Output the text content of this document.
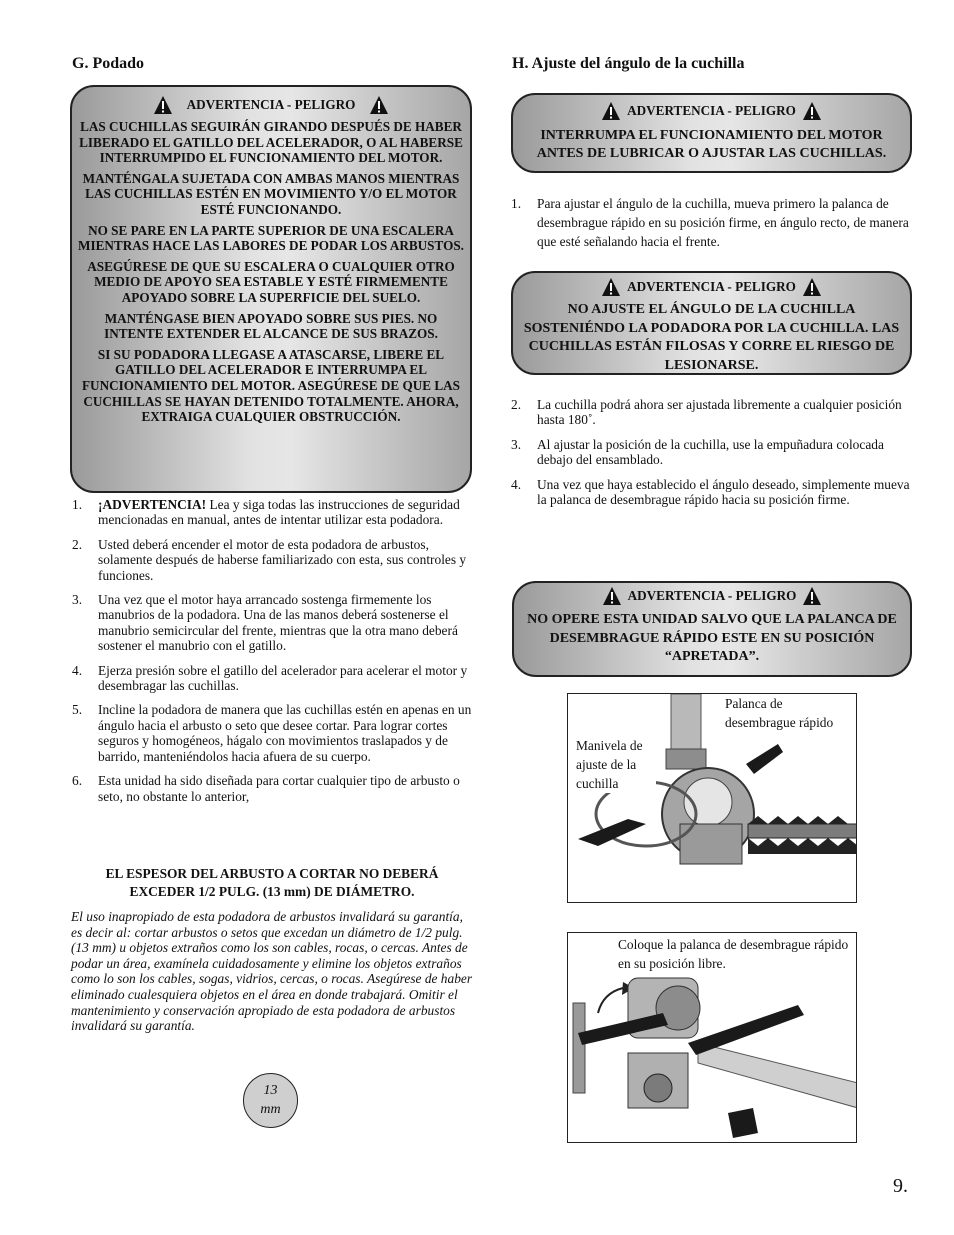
G. Podado
ADVERTENCIA - PELIGRO

LAS CUCHILLAS SEGUIRÁN GIRANDO DESPUÉS DE HABER LIBERADO EL GATILLO DEL ACELERADOR, O AL HABERSE INTERRUMPIDO EL FUNCIONAMIENTO DEL MOTOR.

MANTÉNGALA SUJETADA CON AMBAS MANOS MIENTRAS LAS CUCHILLAS ESTÉN EN MOVIMIENTO Y/O EL MOTOR ESTÉ FUNCIONANDO.

NO SE PARE EN LA PARTE SUPERIOR DE UNA ESCALERA MIENTRAS HACE LAS LABORES DE PODAR LOS ARBUSTOS.

ASEGÚRESE DE QUE SU ESCALERA O CUALQUIER OTRO MEDIO DE APOYO SEA ESTABLE Y ESTÉ FIRMEMENTE APOYADO SOBRE LA SUPERFICIE DEL SUELO.

MANTÉNGASE BIEN APOYADO SOBRE SUS PIES. NO INTENTE EXTENDER EL ALCANCE DE SUS BRAZOS.

SI SU PODADORA LLEGASE A ATASCARSE, LIBERE EL GATILLO DEL ACELERADOR E INTERRUMPA EL FUNCIONAMIENTO DEL MOTOR. ASEGÚRESE DE QUE LAS CUCHILLAS SE HAYAN DETENIDO TOTALMENTE. AHORA, EXTRAIGA CUALQUIER OBSTRUCCIÓN.

1.	¡ADVERTENCIA! Lea y siga todas las instrucciones de seguridad mencionadas en manual, antes de intentar utilizar esta podadora.
2.	Usted deberá encender el motor de esta podadora de arbustos, solamente después de haberse familiarizado con esta, sus controles y funciones.
3.	Una vez que el motor haya arrancado sostenga firmemente los manubrios de la podadora. Una de las manos deberá sostenerse el manubrio semicircular del frente, mientras que la otra mano deberá sostener el manubrio con el gatillo.
4.	Ejerza presión sobre el gatillo del acelerador para acelerar el motor y desembragar las cuchillas.
5.	Incline la podadora de manera que las cuchillas estén en apenas en un ángulo hacia el arbusto o seto que desee cortar. Para lograr cortes seguros y homogéneos, hágalo con movimientos traslapados y de barrido, manteniéndolos hacia afuera de su cuerpo.
6.	Esta unidad ha sido diseñada para cortar cualquier tipo de arbusto o seto, no obstante lo anterior,
EL ESPESOR DEL ARBUSTO A CORTAR NO DEBERÁ EXCEDER 1/2 PULG. (13 mm) DE DIÁMETRO.
El uso inapropiado de esta podadora de arbustos invalidará su garantía, es decir al: cortar arbustos o setos que excedan un diámetro de 1/2 pulg. (13 mm) u objetos extraños como los son cables, rocas, o cercas. Antes de podar un área, examínela cuidadosamente y elimine los objetos extraños como lo son los cables, sogas, vidrios, cercas, o rocas. Asegúrese de haber eliminado cualesquiera objetos en el área en donde trabajará. Omitir el mantenimiento y conservación apropiado de esta podadora de arbustos invalidará su garantía.
13
mm
H. Ajuste del ángulo de la cuchilla
ADVERTENCIA - PELIGRO
INTERRUMPA EL FUNCIONAMIENTO DEL MOTOR ANTES DE LUBRICAR O AJUSTAR LAS CUCHILLAS.
1.	Para ajustar el ángulo de la cuchilla, mueva primero la palanca de desembrague rápido en su posición firme, en ángulo recto, de manera que esté señalando hacia el frente.
ADVERTENCIA - PELIGRO
NO AJUSTE EL ÁNGULO DE LA CUCHILLA SOSTENIÉNDO LA PODADORA POR LA CUCHILLA. LAS CUCHILLAS ESTÁN FILOSAS Y CORRE EL RIESGO DE LESIONARSE.
2.	La cuchilla podrá ahora ser ajustada libremente a cualquier posición hasta 180˚.
3.	Al ajustar la posición de la cuchilla, use la empuñadura colocada debajo del ensamblado.
4.	Una vez que haya establecido el ángulo deseado, simplemente mueva la palanca de desembrague rápido hacia su posición firme.
ADVERTENCIA - PELIGRO
NO OPERE ESTA UNIDAD SALVO QUE LA PALANCA DE DESEMBRAGUE RÁPIDO ESTE EN SU POSICIÓN “APRETADA”.
Palanca de desembrague rápido
Manivela de ajuste de la cuchilla
Coloque la palanca de desembrague rápido en su posición libre.
9.
